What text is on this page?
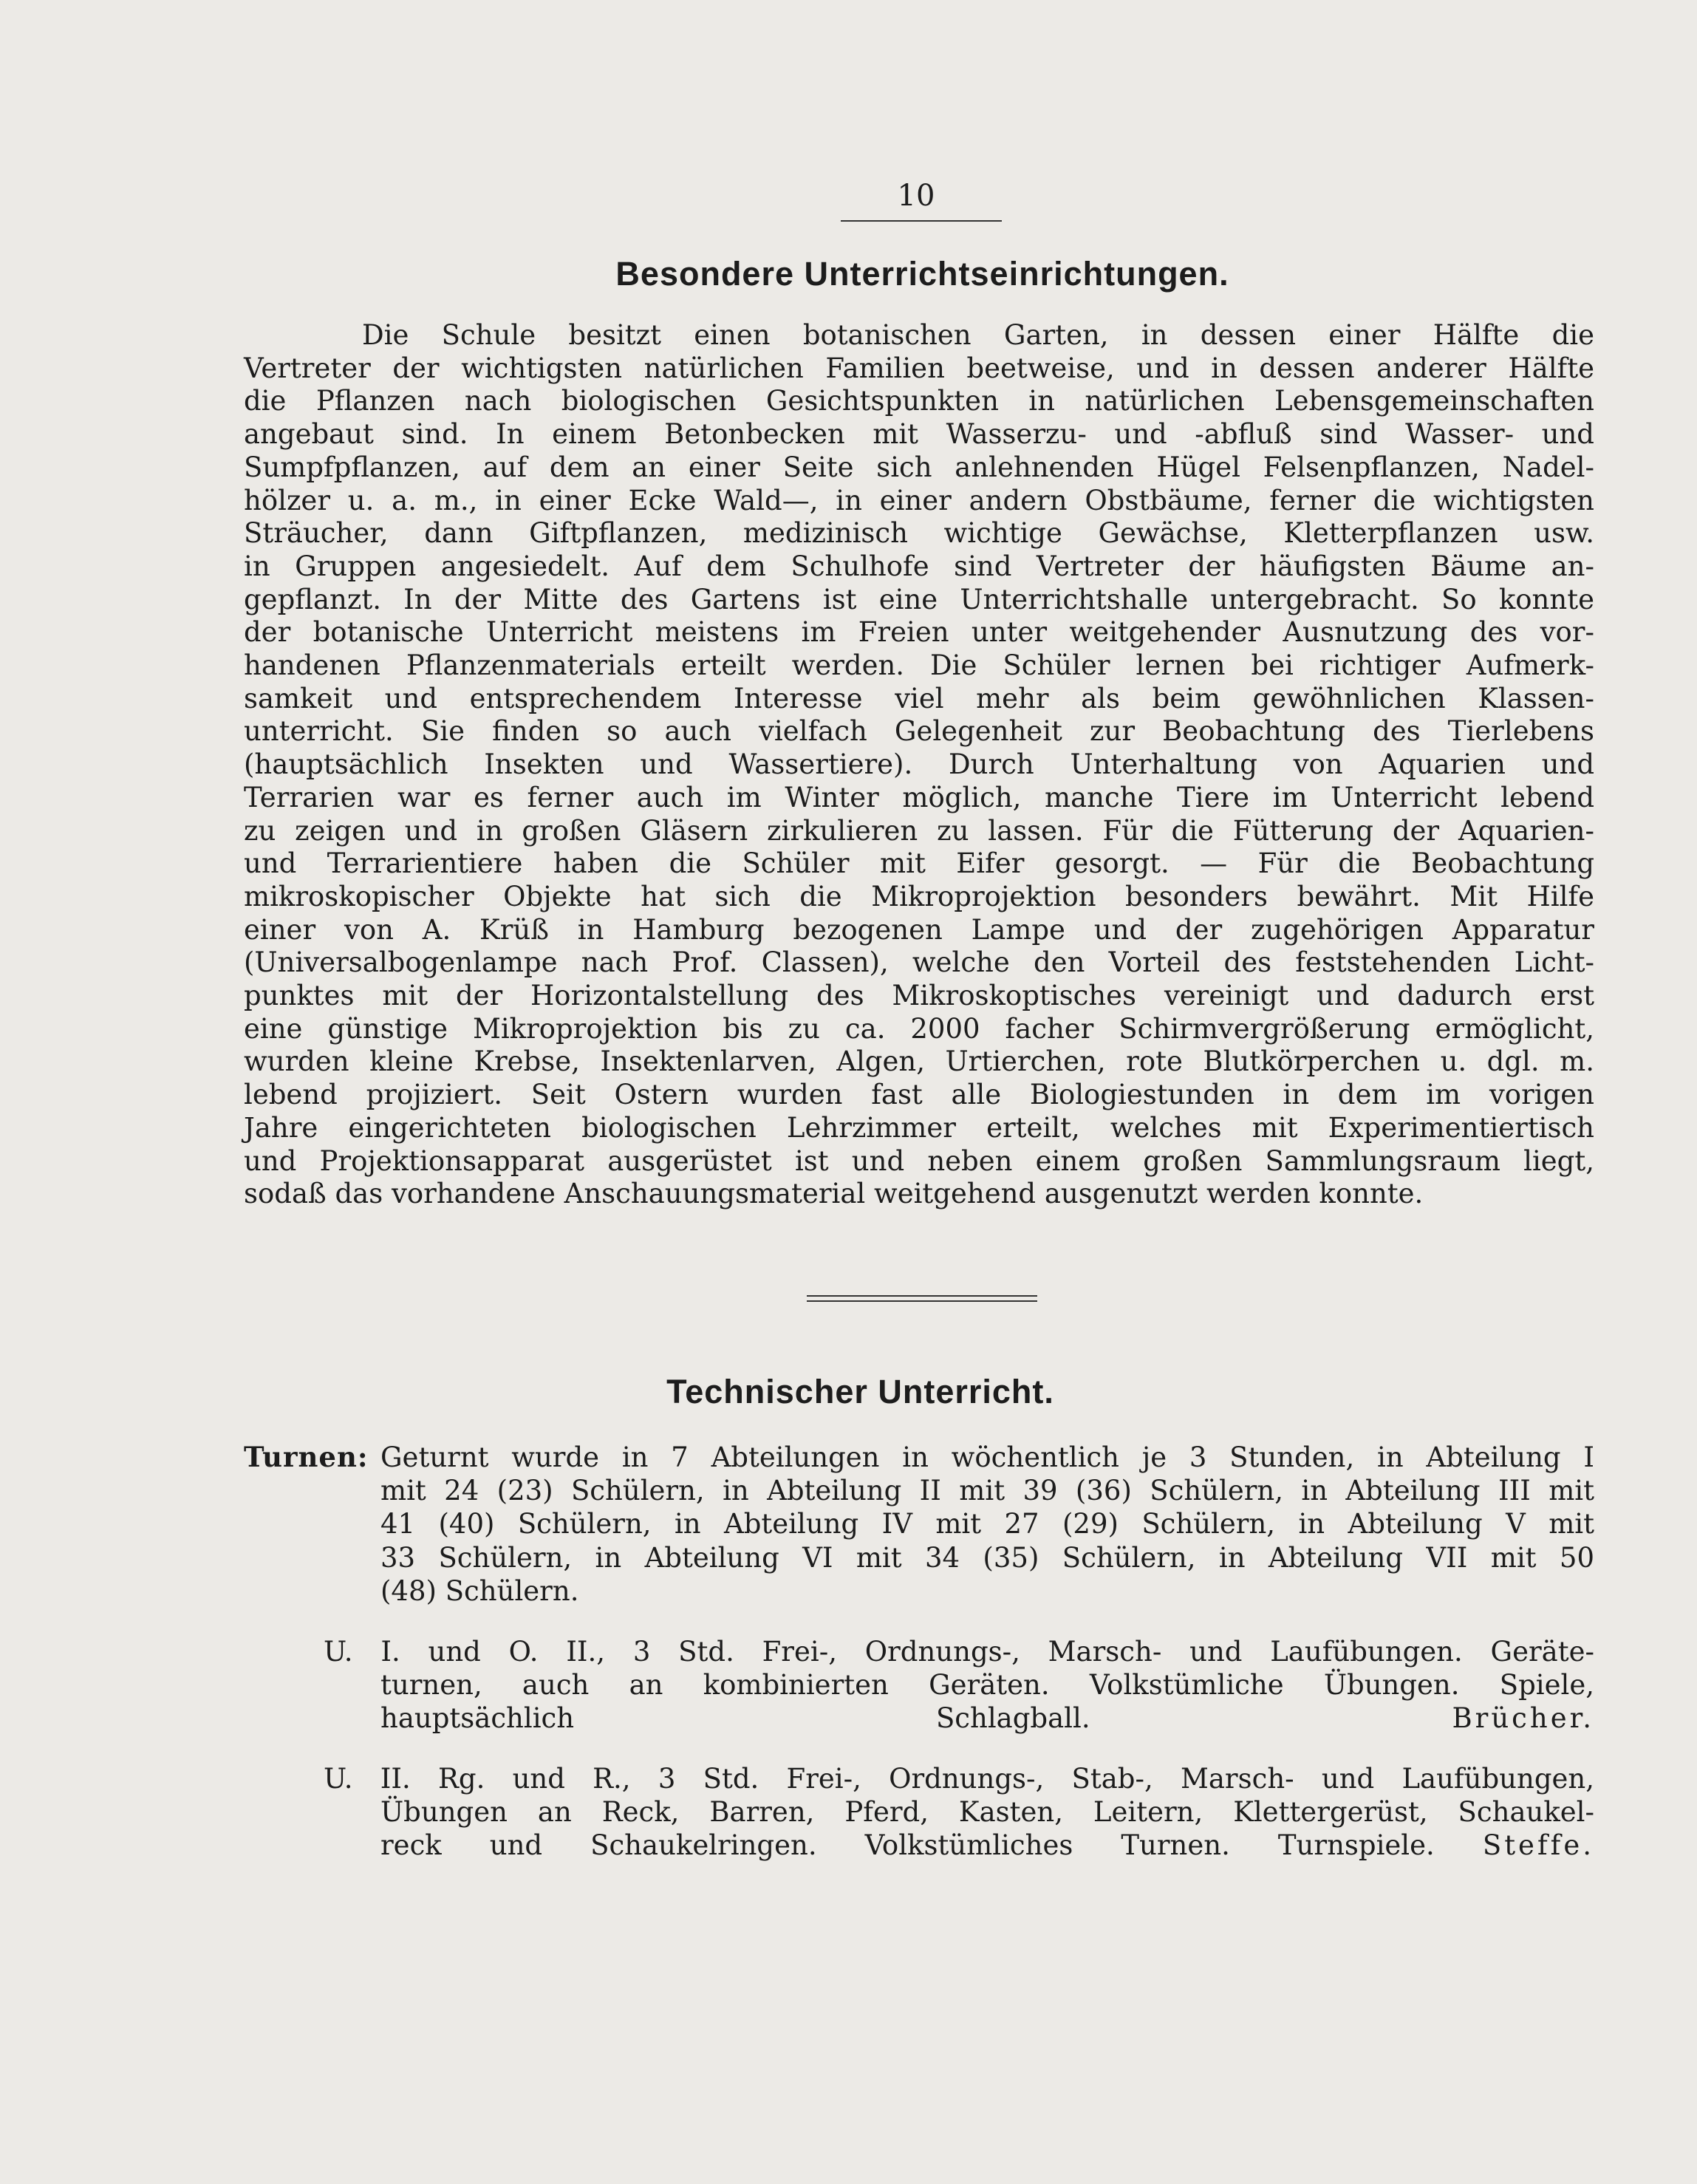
10
Besondere Unterrichtseinrichtungen.
Die Schule besitzt einen botanischen Garten, in dessen einer Hälfte die
Vertreter der wichtigsten natürlichen Familien beetweise, und in dessen anderer Hälfte
die Pflanzen nach biologischen Gesichtspunkten in natürlichen Lebensgemeinschaften
angebaut sind. In einem Betonbecken mit Wasserzu- und -abfluß sind Wasser- und
Sumpfpflanzen, auf dem an einer Seite sich anlehnenden Hügel Felsenpflanzen, Nadel-
hölzer u. a. m., in einer Ecke Wald—, in einer andern Obstbäume, ferner die wichtigsten
Sträucher, dann Giftpflanzen, medizinisch wichtige Gewächse, Kletterpflanzen usw.
in Gruppen angesiedelt. Auf dem Schulhofe sind Vertreter der häufigsten Bäume an-
gepflanzt. In der Mitte des Gartens ist eine Unterrichtshalle untergebracht. So konnte
der botanische Unterricht meistens im Freien unter weitgehender Ausnutzung des vor-
handenen Pflanzenmaterials erteilt werden. Die Schüler lernen bei richtiger Aufmerk-
samkeit und entsprechendem Interesse viel mehr als beim gewöhnlichen Klassen-
unterricht. Sie finden so auch vielfach Gelegenheit zur Beobachtung des Tierlebens
(hauptsächlich Insekten und Wassertiere). Durch Unterhaltung von Aquarien und
Terrarien war es ferner auch im Winter möglich, manche Tiere im Unterricht lebend
zu zeigen und in großen Gläsern zirkulieren zu lassen. Für die Fütterung der Aquarien-
und Terrarientiere haben die Schüler mit Eifer gesorgt. — Für die Beobachtung
mikroskopischer Objekte hat sich die Mikroprojektion besonders bewährt. Mit Hilfe
einer von A. Krüß in Hamburg bezogenen Lampe und der zugehörigen Apparatur
(Universalbogenlampe nach Prof. Classen), welche den Vorteil des feststehenden Licht-
punktes mit der Horizontalstellung des Mikroskoptisches vereinigt und dadurch erst
eine günstige Mikroprojektion bis zu ca. 2000 facher Schirmvergrößerung ermöglicht,
wurden kleine Krebse, Insektenlarven, Algen, Urtierchen, rote Blutkörperchen u. dgl. m.
lebend projiziert. Seit Ostern wurden fast alle Biologiestunden in dem im vorigen
Jahre eingerichteten biologischen Lehrzimmer erteilt, welches mit Experimentiertisch
und Projektionsapparat ausgerüstet ist und neben einem großen Sammlungsraum liegt,
sodaß das vorhandene Anschauungsmaterial weitgehend ausgenutzt werden konnte.
Technischer Unterricht.
Turnen: Geturnt wurde in 7 Abteilungen in wöchentlich je 3 Stunden, in Abteilung I
mit 24 (23) Schülern, in Abteilung II mit 39 (36) Schülern, in Abteilung III mit
41 (40) Schülern, in Abteilung IV mit 27 (29) Schülern, in Abteilung V mit
33 Schülern, in Abteilung VI mit 34 (35) Schülern, in Abteilung VII mit 50
(48) Schülern.
U. I. und O. II., 3 Std. Frei-, Ordnungs-, Marsch- und Laufübungen. Geräte-
turnen, auch an kombinierten Geräten. Volkstümliche Übungen. Spiele,
hauptsächlich Schlagball.	Brücher.
U. II. Rg. und R., 3 Std. Frei-, Ordnungs-, Stab-, Marsch- und Laufübungen,
Übungen an Reck, Barren, Pferd, Kasten, Leitern, Klettergerüst, Schaukel-
reck und Schaukelringen. Volkstümliches Turnen. Turnspiele. Steffe.
